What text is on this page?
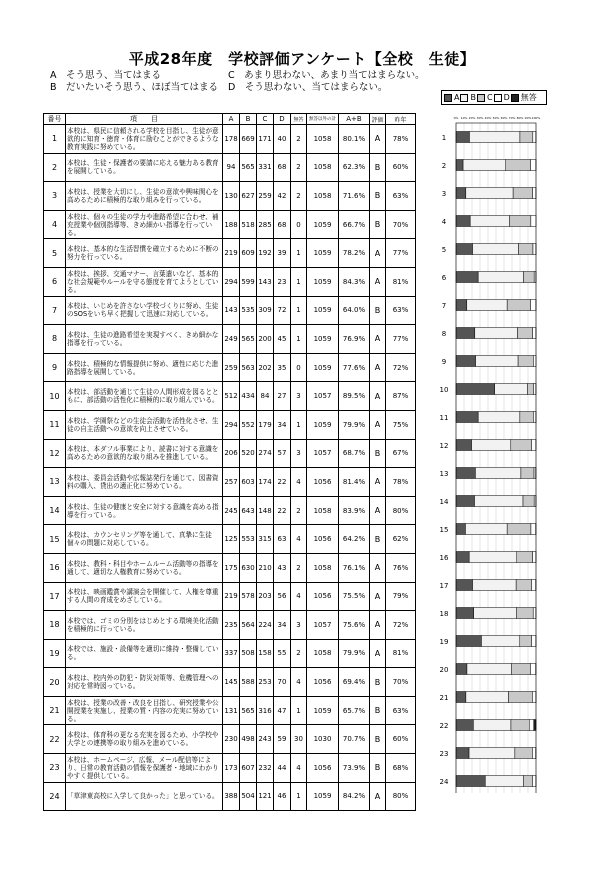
平成28年度　学校評価アンケート【全校　生徒】
A　そう思う、当てはまる
B　だいたいそう思う、ほぼ当てはまる
C　あまり思わない、あまり当てはまらない。
D　そう思わない、当てはまらない。
A B C D 無答
番号	項　　目	A	B	C	D	無答	無答以外の計	A+B	評価	昨年
1	本校は、県民に信頼される学校を目指し、生徒が意欲的に知育・徳育・体育に励むことができるような教育実践に努めている。	178	669	171	40	2	1058	80.1%	A	78%
2	本校は、生徒・保護者の要請に応える魅力ある教育を展開している。	94	565	331	68	2	1058	62.3%	B	60%
3	本校は、授業を大切にし、生徒の意欲や興味関心を高めるために積極的な取り組みを行っている。	130	627	259	42	2	1058	71.6%	B	63%
4	本校は、個々の生徒の学力や進路希望に合わせ、補充授業や個別指導等、きめ細かい指導を行っている。	188	518	285	68	0	1059	66.7%	B	70%
5	本校は、基本的な生活習慣を確立するために不断の努力を行っている。	219	609	192	39	1	1059	78.2%	A	77%
6	本校は、挨拶、交通マナー、言葉遣いなど、基本的な社会規範やルールを守る態度を育てようとしている。	294	599	143	23	1	1059	84.3%	A	81%
7	本校は、いじめを許さない学校づくりに努め、生徒のSOSをいち早く把握して迅速に対応している。	143	535	309	72	1	1059	64.0%	B	63%
8	本校は、生徒の進路希望を実現すべく、きめ細かな指導を行っている。	249	565	200	45	1	1059	76.9%	A	77%
9	本校は、積極的な情報提供に努め、適性に応じた進路指導を展開している。	259	563	202	35	0	1059	77.6%	A	72%
10	本校は、部活動を通じて生徒の人間形成を図るとともに、部活動の活性化に積極的に取り組んでいる。	512	434	84	27	3	1057	89.5%	A	87%
11	本校は、学園祭などの生徒会活動を活性化させ、生徒の自主活動への意欲を向上させている。	294	552	179	34	1	1059	79.9%	A	75%
12	本校は、本ダフル事業により、読書に対する意識を高めるための意欲的な取り組みを推進している。	206	520	274	57	3	1057	68.7%	B	67%
13	本校は、委員会活動や広報誌発行を通じて、図書資料の購入、貸出の適正化に努めている。	257	603	174	22	4	1056	81.4%	A	78%
14	本校は、生徒の健康と安全に対する意識を高める指導を行っている。	245	643	148	22	2	1058	83.9%	A	80%
15	本校は、カウンセリング等を通して、真摯に生徒個々の問題に対応している。	125	553	315	63	4	1056	64.2%	B	62%
16	本校は、教科・科目やホームルーム活動等の指導を通して、適切な人権教育に努めている。	175	630	210	43	2	1058	76.1%	A	76%
17	本校は、映画鑑賞や講演会を開催して、人権を尊重する人間の育成をめざしている。	219	578	203	56	4	1056	75.5%	A	79%
18	本校では、ゴミの分別をはじめとする環境美化活動を積極的に行っている。	235	564	224	34	3	1057	75.6%	A	72%
19	本校では、施設・設備等を適切に維持・整備している。	337	508	158	55	2	1058	79.9%	A	81%
20	本校は、校内外の防犯・防災対策等、危機管理への対応を常時図っている。	145	588	253	70	4	1056	69.4%	B	70%
21	本校は、授業の改善・改良を目指し、研究授業や公開授業を実施し、授業の質・内容の充実に努めている。	131	565	316	47	1	1059	65.7%	B	63%
22	本校は、体育科の更なる充実を図るため、小学校や大学との連携等の取り組みを進めている。	230	498	243	59	30	1030	70.7%	B	60%
23	本校は、ホームページ、広報、メール配信等により、日常の教育活動の情報を保護者・地域にわかりやすく提供している。	173	607	232	44	4	1056	73.9%	B	68%
24	「草津東高校に入学して良かった」と思っている。	388	504	121	46	1	1059	84.2%	A	80%
0% 10% 20% 30% 40% 50% 60% 70% 80% 90% 100%
1
2
3
4
5
6
7
8
9
10
11
12
13
14
15
16
17
18
19
20
21
22
23
24
